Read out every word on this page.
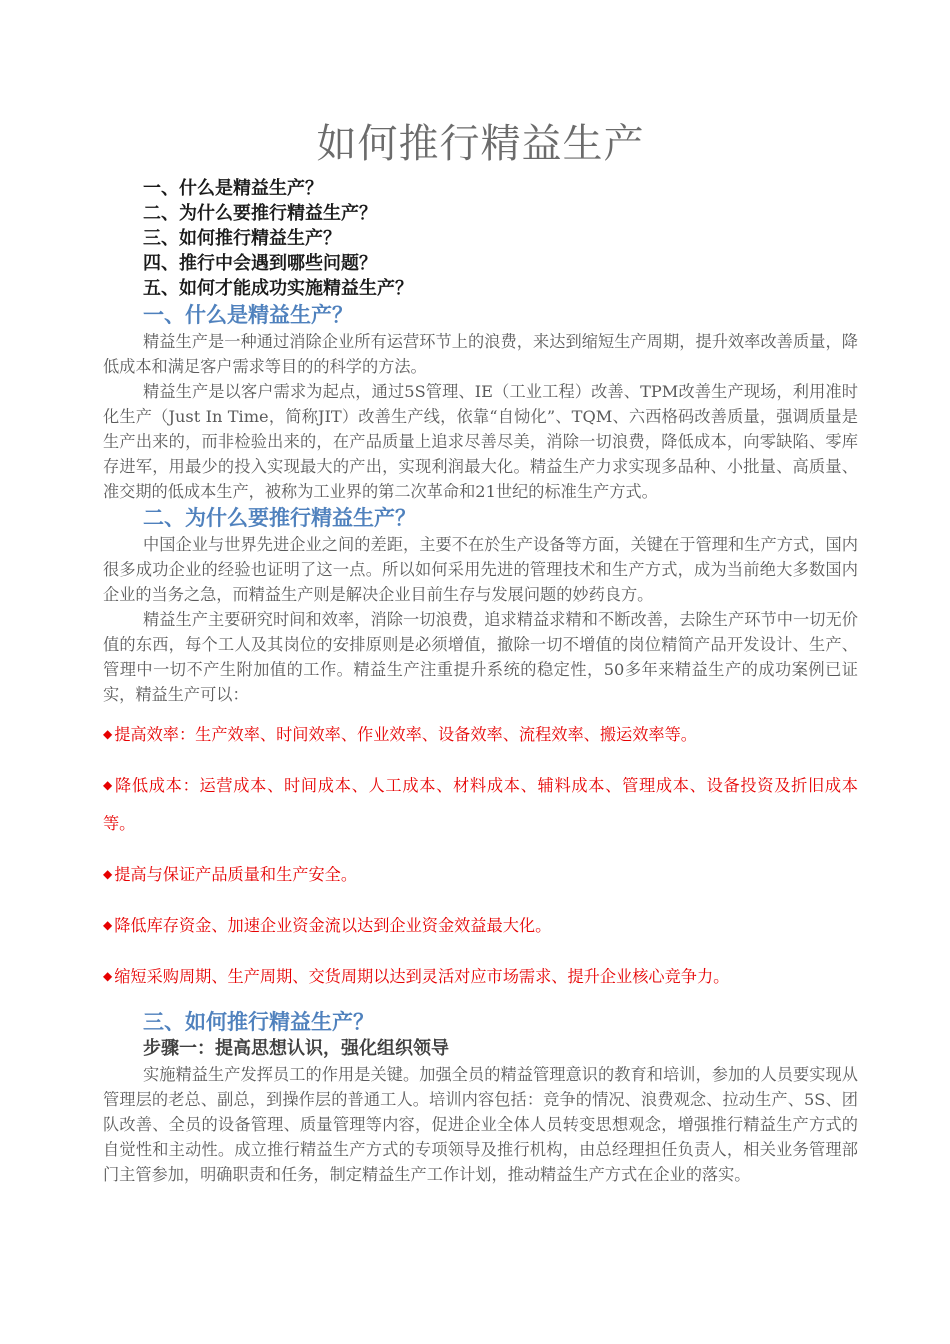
如何推行精益生产
一、什么是精益生产？
二、为什么要推行精益生产？
三、如何推行精益生产？
四、推行中会遇到哪些问题？
五、如何才能成功实施精益生产？
一、什么是精益生产？

精益生产是一种通过消除企业所有运营环节上的浪费，来达到缩短生产周期，提升效率改善质量，降低成本和满足客户需求等目的的科学的方法。

精益生产是以客户需求为起点，通过5S管理、IE（工业工程）改善、TPM改善生产现场，利用准时化生产（Just In Time，简称JIT）改善生产线，依靠“自恸化”、TQM、六西格码改善质量，强调质量是生产出来的，而非检验出来的，在产品质量上追求尽善尽美，消除一切浪费，降低成本，向零缺陷、零库存进军，用最少的投入实现最大的产出，实现利润最大化。精益生产力求实现多品种、小批量、高质量、准交期的低成本生产，被称为工业界的第二次革命和21世纪的标准生产方式。

二、为什么要推行精益生产？

中国企业与世界先进企业之间的差距，主要不在於生产设备等方面，关键在于管理和生产方式，国内很多成功企业的经验也证明了这一点。所以如何采用先进的管理技术和生产方式，成为当前绝大多数国内企业的当务之急，而精益生产则是解决企业目前生存与发展问题的妙药良方。

精益生产主要研究时间和效率，消除一切浪费，追求精益求精和不断改善，去除生产环节中一切无价值的东西，每个工人及其岗位的安排原则是必须增值，撤除一切不增值的岗位精简产品开发设计、生产、管理中一切不产生附加值的工作。精益生产注重提升系统的稳定性，50多年来精益生产的成功案例已证实，精益生产可以：

◆ 提高效率：生产效率、时间效率、作业效率、设备效率、流程效率、搬运效率等。
◆ 降低成本：运营成本、时间成本、人工成本、材料成本、辅料成本、管理成本、设备投资及折旧成本等。
◆ 提高与保证产品质量和生产安全。
◆ 降低库存资金、加速企业资金流以达到企业资金效益最大化。
◆ 缩短采购周期、生产周期、交货周期以达到灵活对应市场需求、提升企业核心竞争力。
三、如何推行精益生产？
步骤一：提高思想认识，强化组织领导

实施精益生产发挥员工的作用是关键。加强全员的精益管理意识的教育和培训，参加的人员要实现从管理层的老总、副总，到操作层的普通工人。培训内容包括：竞争的情况、浪费观念、拉动生产、5S、团队改善、全员的设备管理、质量管理等内容，促进企业全体人员转变思想观念，增强推行精益生产方式的自觉性和主动性。成立推行精益生产方式的专项领导及推行机构，由总经理担任负责人，相关业务管理部门主管参加，明确职责和任务，制定精益生产工作计划，推动精益生产方式在企业的落实。
